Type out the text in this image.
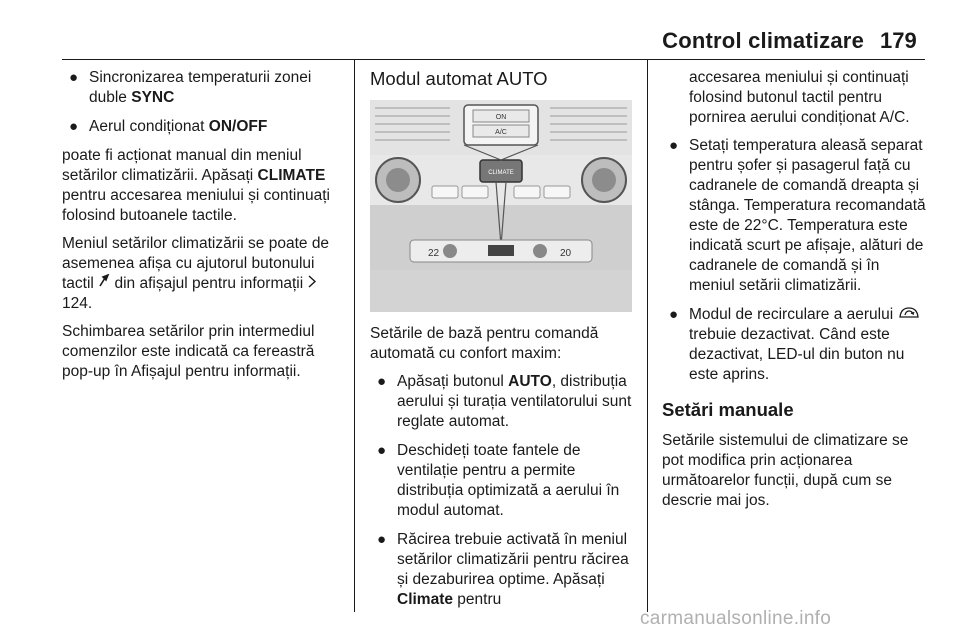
Control climatizare 179
● Sincronizarea temperaturii zonei duble SYNC
● Aerul condiționat ON/OFF

poate fi acționat manual din meniul setărilor climatizării. Apăsați CLIMATE pentru accesarea meniului și continuați folosind butoanele tactile.

Meniul setărilor climatizării se poate de asemenea afișa cu ajutorul butonului tactil  din afișajul pentru informații  124.

Schimbarea setărilor prin intermediul comenzilor este indicată ca fereastră pop-up în Afișajul pentru informații.

Modul automat AUTO
ON
A/C
CLIMATE
22	20

Setările de bază pentru comandă automată cu confort maxim:

● Apăsați butonul AUTO, distribuția aerului și turația ventilatorului sunt reglate automat.
● Deschideți toate fantele de ventilație pentru a permite distribuția optimizată a aerului în modul automat.
● Răcirea trebuie activată în meniul setărilor climatizării pentru răcirea și dezaburirea optime. Apăsați Climate pentru

accesarea meniului și continuați folosind butonul tactil pentru pornirea aerului condiționat A/C.

● Setați temperatura aleasă separat pentru șofer și pasagerul față cu cadranele de comandă dreapta și stânga. Temperatura recomandată este de 22°C. Temperatura este indicată scurt pe afișaje, alături de cadranele de comandă și în meniul setării climatizării.
● Modul de recirculare a aerului  trebuie dezactivat. Când este dezactivat, LED-ul din buton nu este aprins.
Setări manuale

Setările sistemului de climatizare se pot modifica prin acționarea următoarelor funcții, după cum se descrie mai jos.

carmanualsonline.info
